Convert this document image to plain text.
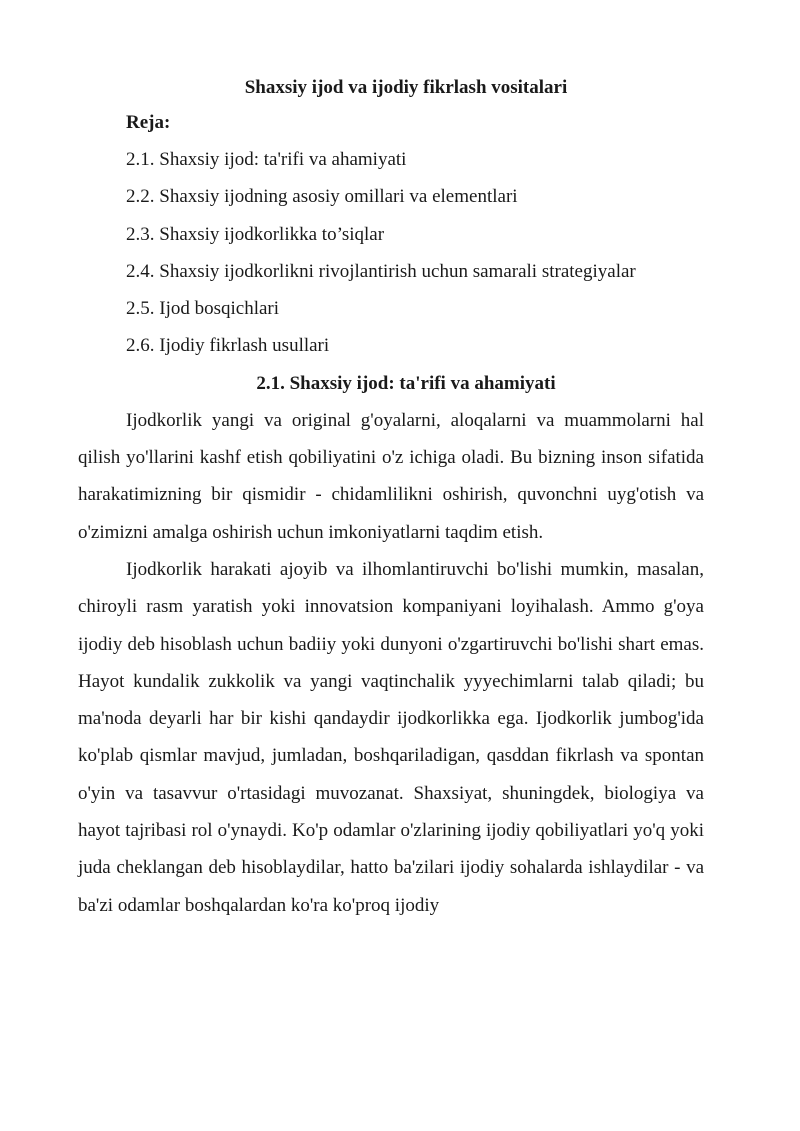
Shaxsiy ijod va ijodiy fikrlash vositalari

Reja:

2.1. Shaxsiy ijod: ta'rifi va ahamiyati
2.2. Shaxsiy ijodning asosiy omillari va elementlari
2.3. Shaxsiy ijodkorlikka to’siqlar
2.4. Shaxsiy ijodkorlikni rivojlantirish uchun samarali strategiyalar
2.5. Ijod bosqichlari
2.6. Ijodiy fikrlash usullari
2.1. Shaxsiy ijod: ta'rifi va ahamiyati

Ijodkorlik yangi va original g'oyalarni, aloqalarni va muammolarni hal qilish yo'llarini kashf etish qobiliyatini o'z ichiga oladi. Bu bizning inson sifatida harakatimizning bir qismidir - chidamlilikni oshirish, quvonchni uyg'otish va o'zimizni amalga oshirish uchun imkoniyatlarni taqdim etish.

Ijodkorlik harakati ajoyib va ilhomlantiruvchi bo'lishi mumkin, masalan, chiroyli rasm yaratish yoki innovatsion kompaniyani loyihalash. Ammo g'oya ijodiy deb hisoblash uchun badiiy yoki dunyoni o'zgartiruvchi bo'lishi shart emas. Hayot kundalik zukkolik va yangi vaqtinchalik yyyechimlarni talab qiladi; bu ma'noda deyarli har bir kishi qandaydir ijodkorlikka ega. Ijodkorlik jumbog'ida ko'plab qismlar mavjud, jumladan, boshqariladigan, qasddan fikrlash va spontan o'yin va tasavvur o'rtasidagi muvozanat. Shaxsiyat, shuningdek, biologiya va hayot tajribasi rol o'ynaydi. Ko'p odamlar o'zlarining ijodiy qobiliyatlari yo'q yoki juda cheklangan deb hisoblaydilar, hatto ba'zilari ijodiy sohalarda ishlaydilar - va ba'zi odamlar boshqalardan ko'ra ko'proq ijodiy
